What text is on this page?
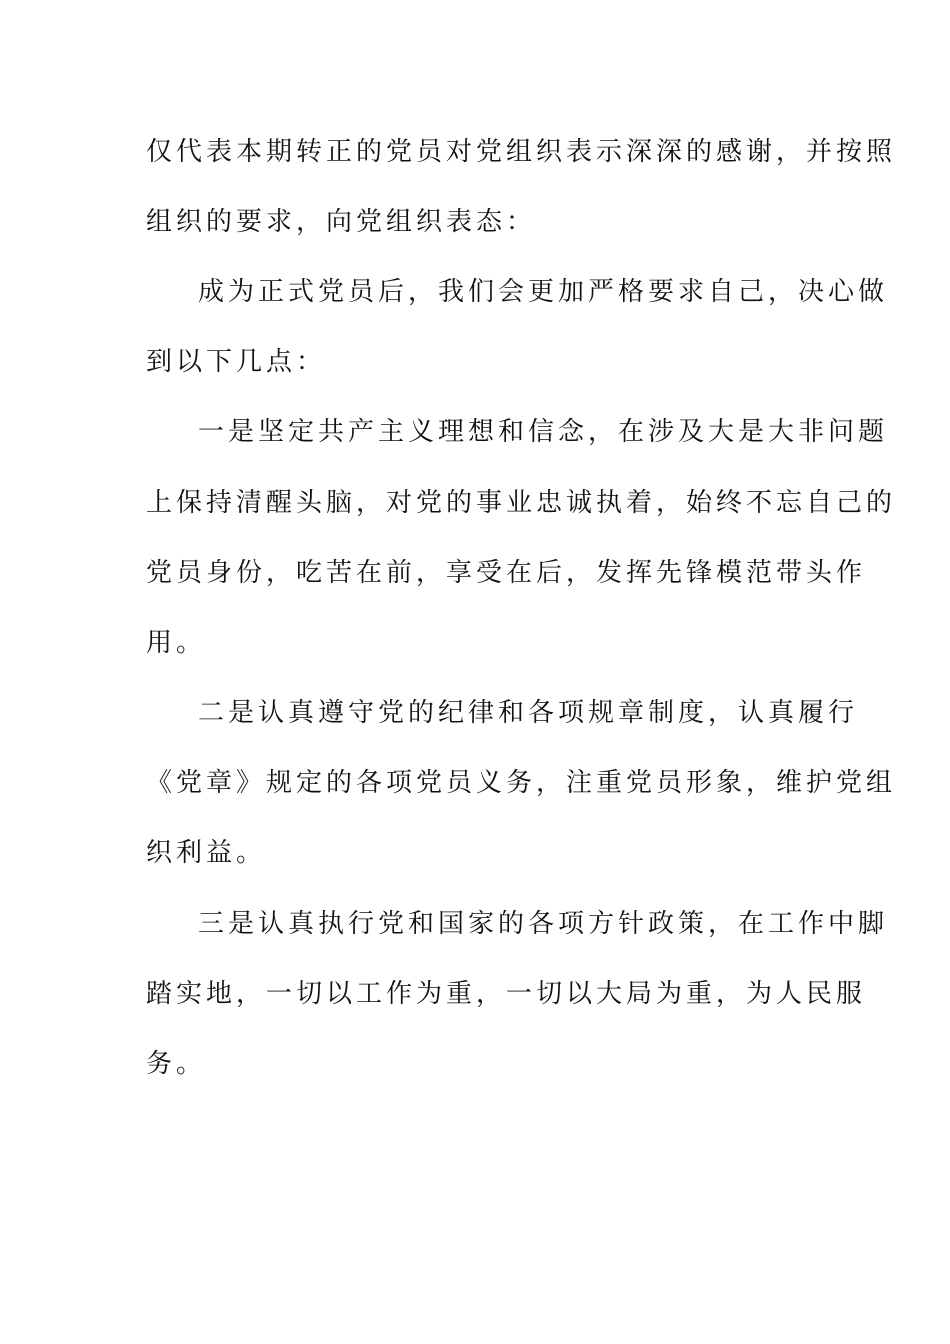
仅代表本期转正的党员对党组织表示深深的感谢，并按照
组织的要求，向党组织表态：
成为正式党员后，我们会更加严格要求自己，决心做
到以下几点：
一是坚定共产主义理想和信念，在涉及大是大非问题
上保持清醒头脑，对党的事业忠诚执着，始终不忘自己的
党员身份，吃苦在前，享受在后，发挥先锋模范带头作
用。
二是认真遵守党的纪律和各项规章制度，认真履行
《党章》规定的各项党员义务，注重党员形象，维护党组
织利益。
三是认真执行党和国家的各项方针政策，在工作中脚
踏实地，一切以工作为重，一切以大局为重，为人民服
务。
